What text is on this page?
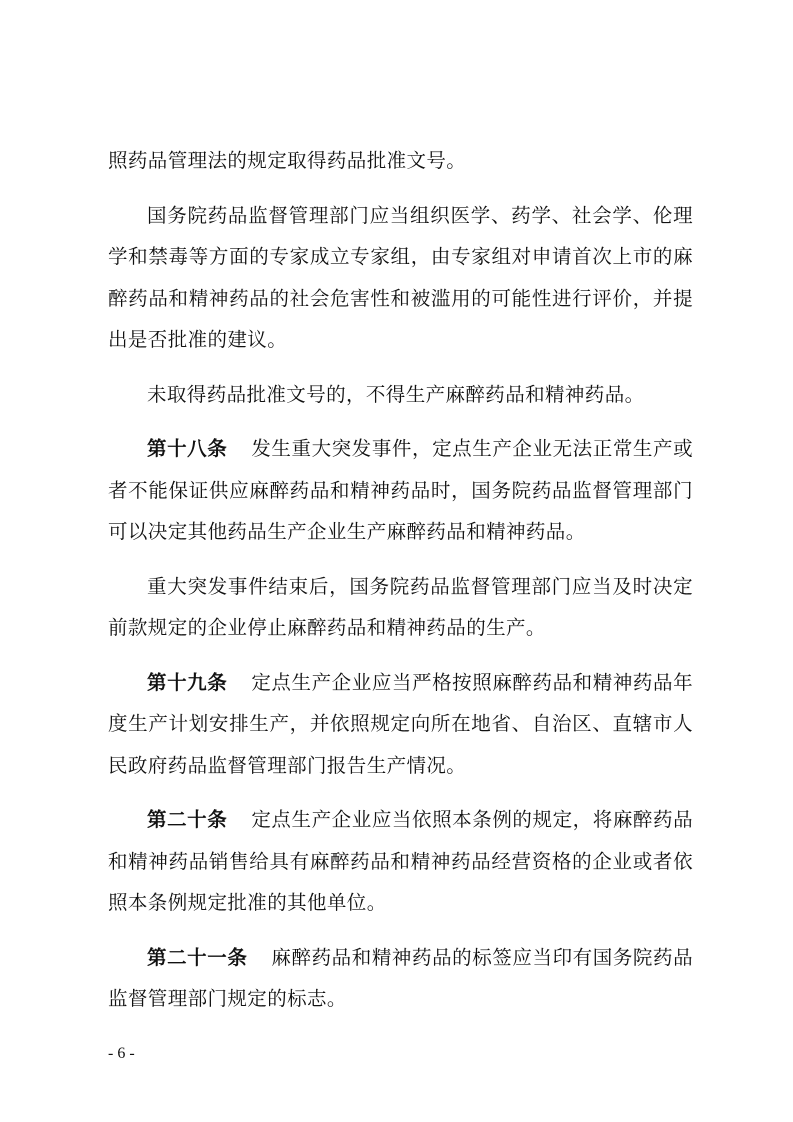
照药品管理法的规定取得药品批准文号。

国务院药品监督管理部门应当组织医学、药学、社会学、伦理学和禁毒等方面的专家成立专家组，由专家组对申请首次上市的麻醉药品和精神药品的社会危害性和被滥用的可能性进行评价，并提出是否批准的建议。

未取得药品批准文号的，不得生产麻醉药品和精神药品。

第十八条 发生重大突发事件，定点生产企业无法正常生产或者不能保证供应麻醉药品和精神药品时，国务院药品监督管理部门可以决定其他药品生产企业生产麻醉药品和精神药品。

重大突发事件结束后，国务院药品监督管理部门应当及时决定前款规定的企业停止麻醉药品和精神药品的生产。

第十九条 定点生产企业应当严格按照麻醉药品和精神药品年度生产计划安排生产，并依照规定向所在地省、自治区、直辖市人民政府药品监督管理部门报告生产情况。

第二十条 定点生产企业应当依照本条例的规定，将麻醉药品和精神药品销售给具有麻醉药品和精神药品经营资格的企业或者依照本条例规定批准的其他单位。

第二十一条 麻醉药品和精神药品的标签应当印有国务院药品监督管理部门规定的标志。

- 6 -
